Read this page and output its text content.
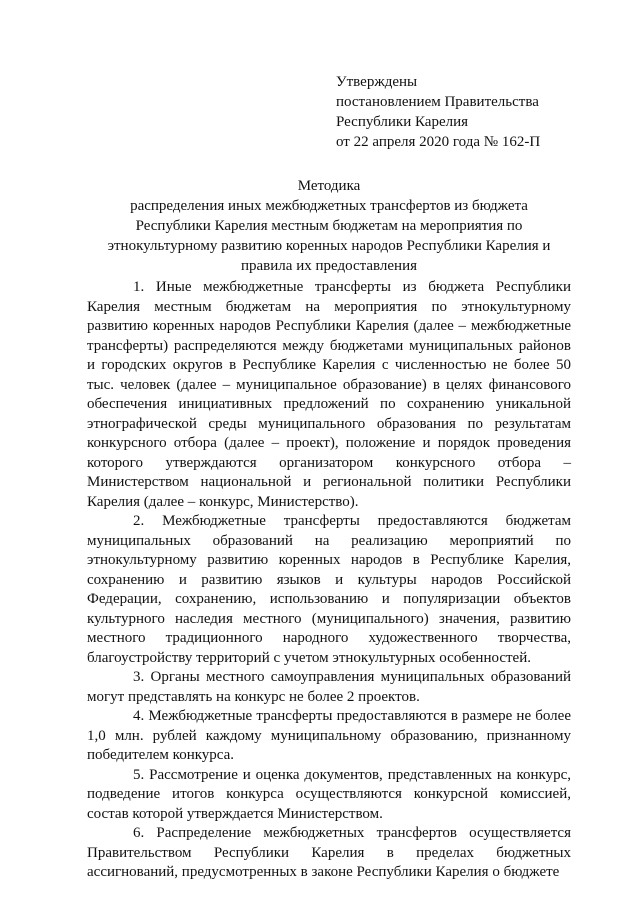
Утверждены
постановлением Правительства
Республики Карелия
от 22 апреля 2020 года № 162-П
Методика
распределения иных межбюджетных трансфертов из бюджета
Республики Карелия местным бюджетам на мероприятия по
этнокультурному развитию коренных народов Республики Карелия и
правила их предоставления

1. Иные межбюджетные трансферты из бюджета Республики Карелия местным бюджетам на мероприятия по этнокультурному развитию коренных народов Республики Карелия (далее – межбюджетные трансферты) распределяются между бюджетами муниципальных районов и городских округов в Республике Карелия с численностью не более 50 тыс. человек (далее – муниципальное образование) в целях финансового обеспечения инициативных предложений по сохранению уникальной этнографической среды муниципального образования по результатам конкурсного отбора (далее – проект), положение и порядок проведения которого утверждаются организатором конкурсного отбора – Министерством национальной и региональной политики Республики Карелия (далее – конкурс, Министерство).

2. Межбюджетные трансферты предоставляются бюджетам муниципальных образований на реализацию мероприятий по этнокультурному развитию коренных народов в Республике Карелия, сохранению и развитию языков и культуры народов Российской Федерации, сохранению, использованию и популяризации объектов культурного наследия местного (муниципального) значения, развитию местного традиционного народного художественного творчества, благоустройству территорий с учетом этнокультурных особенностей.

3. Органы местного самоуправления муниципальных образований могут представлять на конкурс не более 2 проектов.

4. Межбюджетные трансферты предоставляются в размере не более 1,0 млн. рублей каждому муниципальному образованию, признанному победителем конкурса.

5. Рассмотрение и оценка документов, представленных на конкурс, подведение итогов конкурса осуществляются конкурсной комиссией, состав которой утверждается Министерством.

6. Распределение межбюджетных трансфертов осуществляется Правительством Республики Карелия в пределах бюджетных ассигнований, предусмотренных в законе Республики Карелия о бюджете
